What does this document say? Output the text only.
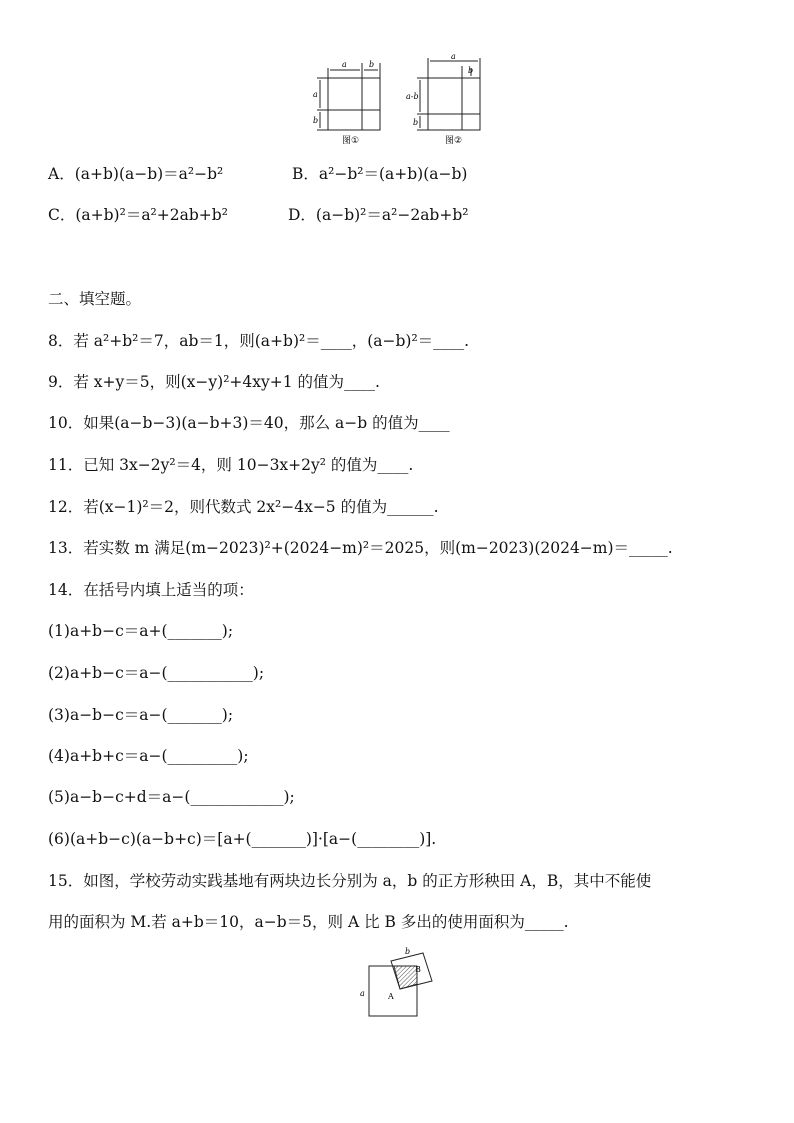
a	b
a
b
图①
a
b
a-b
b
图②
A．(a+b)(a−b)＝a²−b²	B．a²−b²＝(a+b)(a−b)
C．(a+b)²＝a²+2ab+b²	D．(a−b)²＝a²−2ab+b²
二、填空题。
8．若 a²+b²＝7，ab＝1，则(a+b)²＝____，(a−b)²＝____.
9．若 x+y＝5，则(x−y)²+4xy+1 的值为____.
10．如果(a−b−3)(a−b+3)＝40，那么 a−b 的值为____
11．已知 3x−2y²＝4，则 10−3x+2y² 的值为____.
12．若(x−1)²＝2，则代数式 2x²−4x−5 的值为______.
13．若实数 m 满足(m−2023)²+(2024−m)²＝2025，则(m−2023)(2024−m)＝_____.
14．在括号内填上适当的项：
(1)a+b−c＝a+(_______);
(2)a+b−c＝a−(___________);
(3)a−b−c＝a−(_______);
(4)a+b+c＝a−(_________);
(5)a−b−c+d＝a−(____________);
(6)(a+b−c)(a−b+c)＝[a+(_______)]·[a−(________)].
15．如图，学校劳动实践基地有两块边长分别为 a，b 的正方形秧田 A，B，其中不能使
用的面积为 M.若 a+b＝10，a−b＝5，则 A 比 B 多出的使用面积为_____.
a
b
A
B
